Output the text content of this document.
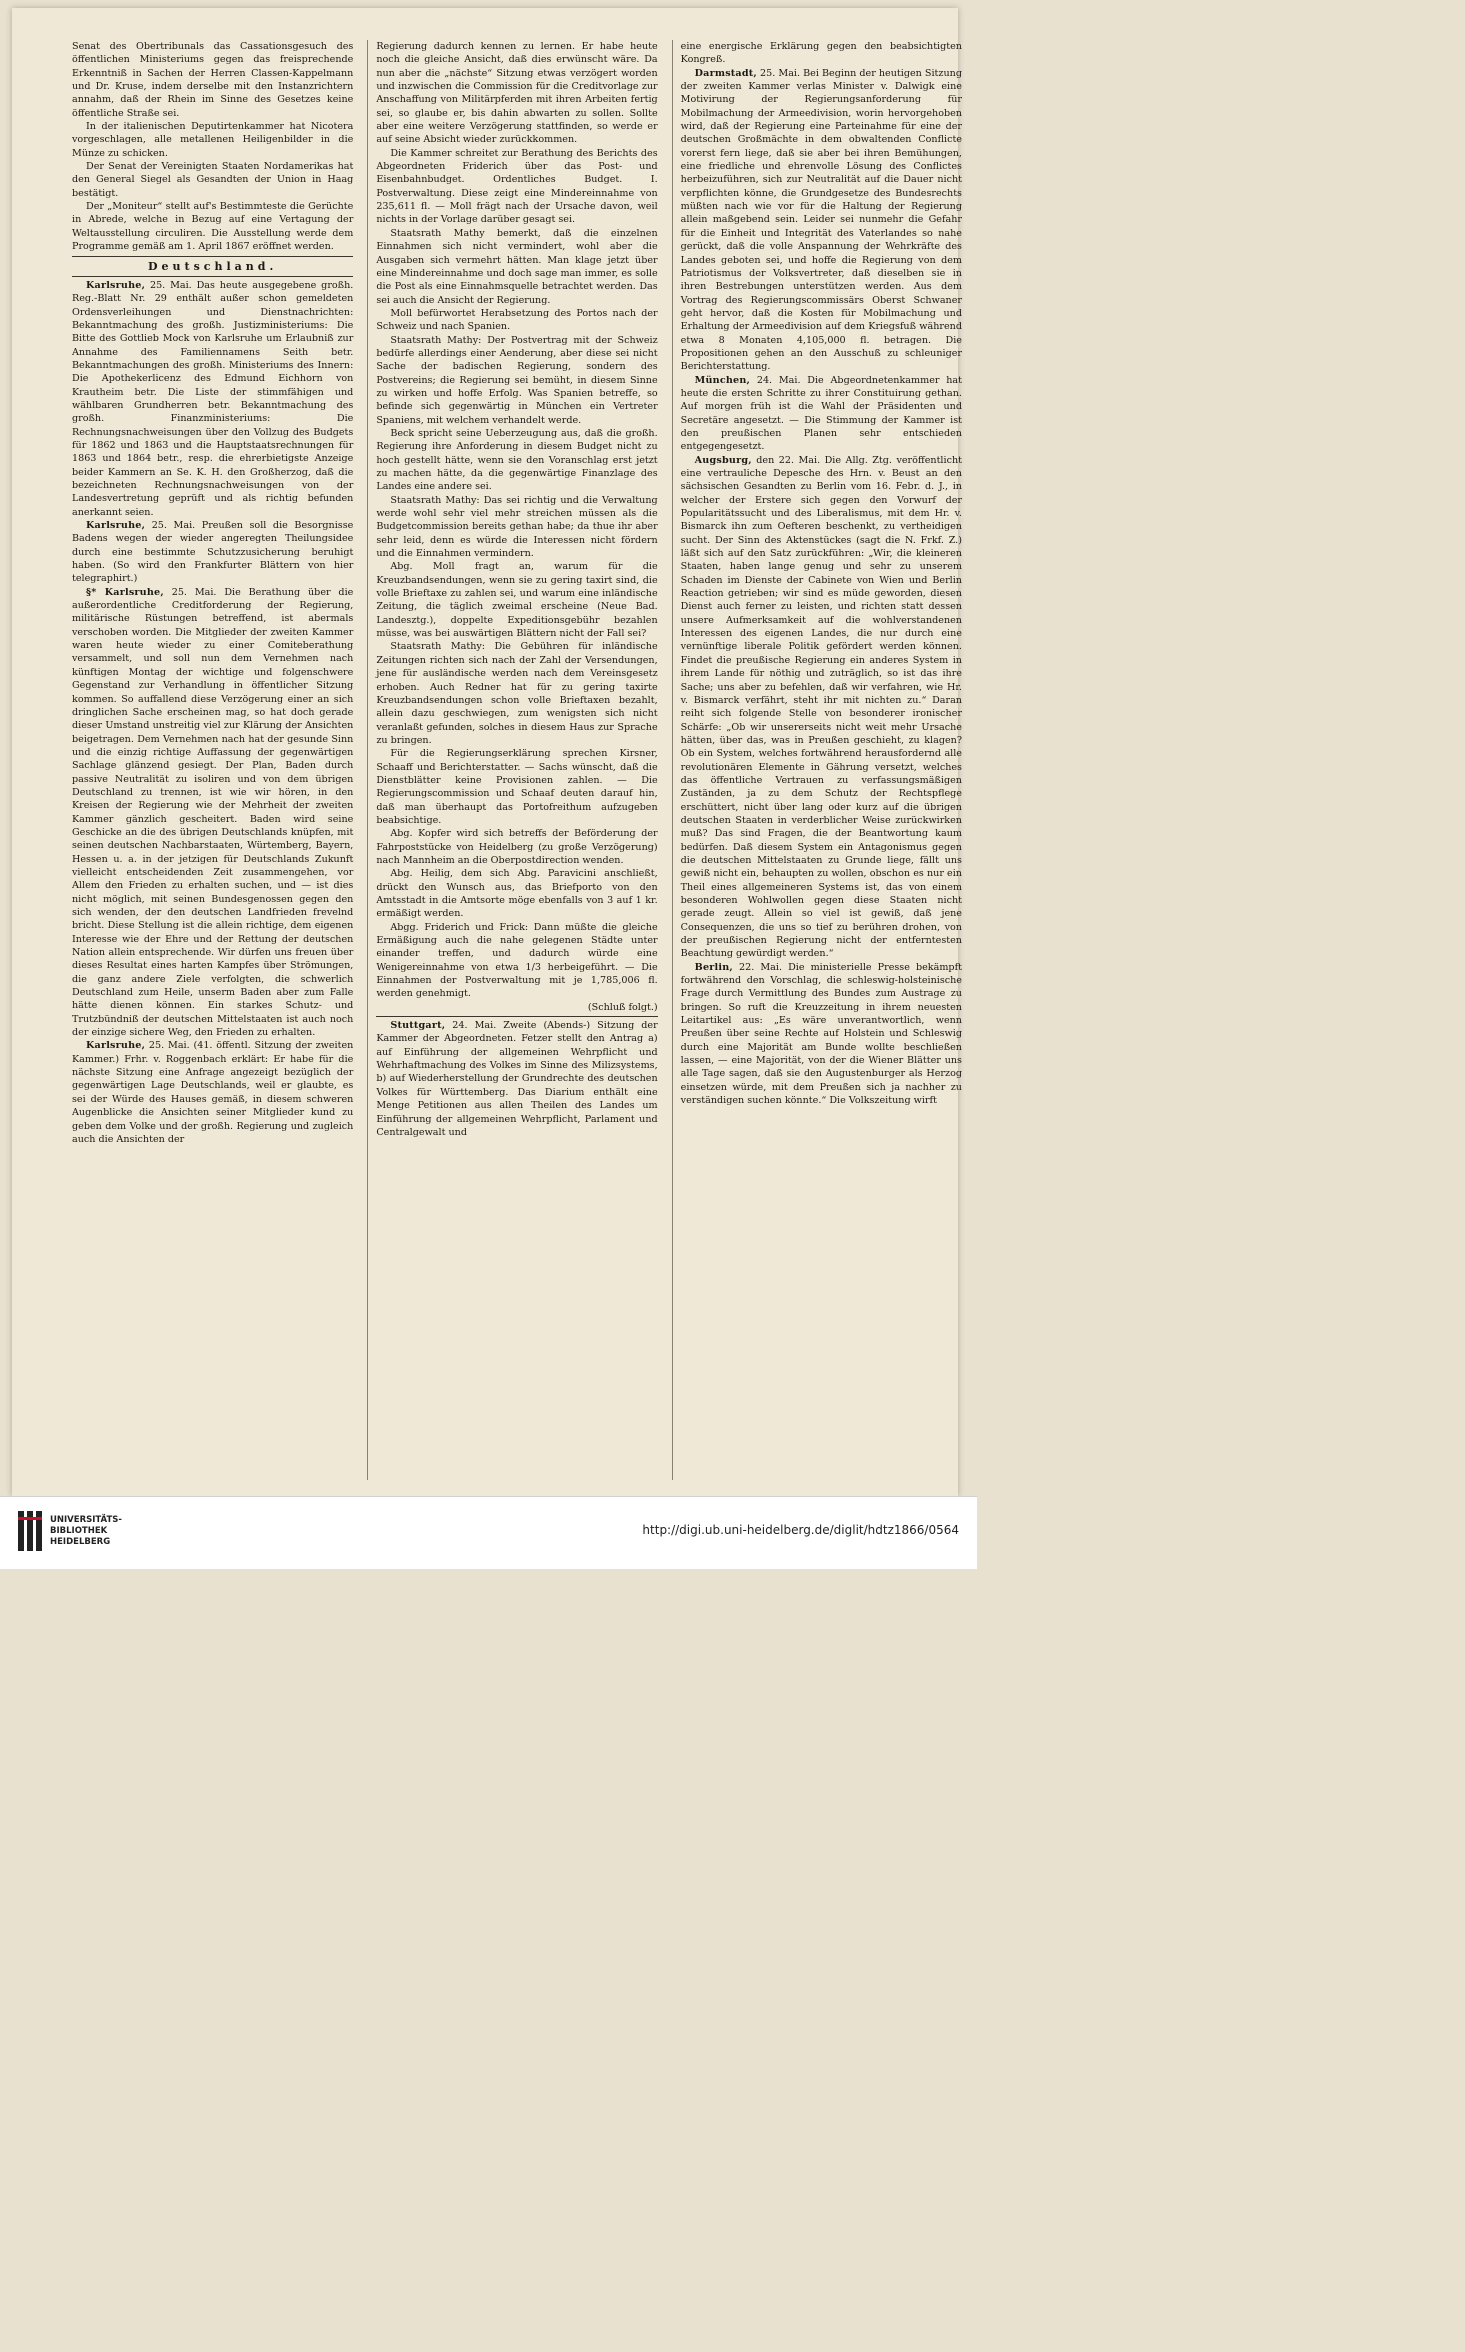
Senat des Obertribunals das Cassationsgesuch des öffentlichen Ministeriums gegen das freisprechende Erkenntniß in Sachen der Herren Classen-Kappelmann und Dr. Kruse, indem derselbe mit den Instanzrichtern annahm, daß der Rhein im Sinne des Gesetzes keine öffentliche Straße sei.

In der italienischen Deputirtenkammer hat Nicotera vorgeschlagen, alle metallenen Heiligenbilder in die Münze zu schicken.

Der Senat der Vereinigten Staaten Nordamerikas hat den General Siegel als Gesandten der Union in Haag bestätigt.

Der „Moniteur“ stellt auf's Bestimmteste die Gerüchte in Abrede, welche in Bezug auf eine Vertagung der Weltausstellung circuliren. Die Ausstellung werde dem Programme gemäß am 1. April 1867 eröffnet werden.

Deutschland.

Karlsruhe, 25. Mai. Das heute ausgegebene großh. Reg.-Blatt Nr. 29 enthält außer schon gemeldeten Ordensverleihungen und Dienstnachrichten: Bekanntmachung des großh. Justizministeriums: Die Bitte des Gottlieb Mock von Karlsruhe um Erlaubniß zur Annahme des Familiennamens Seith betr. Bekanntmachungen des großh. Ministeriums des Innern: Die Apothekerlicenz des Edmund Eichhorn von Krautheim betr. Die Liste der stimmfähigen und wählbaren Grundherren betr. Bekanntmachung des großh. Finanzministeriums: Die Rechnungsnachweisungen über den Vollzug des Budgets für 1862 und 1863 und die Hauptstaatsrechnungen für 1863 und 1864 betr., resp. die ehrerbietigste Anzeige beider Kammern an Se. K. H. den Großherzog, daß die bezeichneten Rechnungsnachweisungen von der Landesvertretung geprüft und als richtig befunden anerkannt seien.

Karlsruhe, 25. Mai. Preußen soll die Besorgnisse Badens wegen der wieder angeregten Theilungsidee durch eine bestimmte Schutzzusicherung beruhigt haben. (So wird den Frankfurter Blättern von hier telegraphirt.)

§* Karlsruhe, 25. Mai. Die Berathung über die außerordentliche Creditforderung der Regierung, militärische Rüstungen betreffend, ist abermals verschoben worden. Die Mitglieder der zweiten Kammer waren heute wieder zu einer Comiteberathung versammelt, und soll nun dem Vernehmen nach künftigen Montag der wichtige und folgenschwere Gegenstand zur Verhandlung in öffentlicher Sitzung kommen. So auffallend diese Verzögerung einer an sich dringlichen Sache erscheinen mag, so hat doch gerade dieser Umstand unstreitig viel zur Klärung der Ansichten beigetragen. Dem Vernehmen nach hat der gesunde Sinn und die einzig richtige Auffassung der gegenwärtigen Sachlage glänzend gesiegt. Der Plan, Baden durch passive Neutralität zu isoliren und von dem übrigen Deutschland zu trennen, ist wie wir hören, in den Kreisen der Regierung wie der Mehrheit der zweiten Kammer gänzlich gescheitert. Baden wird seine Geschicke an die des übrigen Deutschlands knüpfen, mit seinen deutschen Nachbarstaaten, Würtemberg, Bayern, Hessen u. a. in der jetzigen für Deutschlands Zukunft vielleicht entscheidenden Zeit zusammengehen, vor Allem den Frieden zu erhalten suchen, und — ist dies nicht möglich, mit seinen Bundesgenossen gegen den sich wenden, der den deutschen Landfrieden frevelnd bricht. Diese Stellung ist die allein richtige, dem eigenen Interesse wie der Ehre und der Rettung der deutschen Nation allein entsprechende. Wir dürfen uns freuen über dieses Resultat eines harten Kampfes über Strömungen, die ganz andere Ziele verfolgten, die schwerlich Deutschland zum Heile, unserm Baden aber zum Falle hätte dienen können. Ein starkes Schutz- und Trutzbündniß der deutschen Mittelstaaten ist auch noch der einzige sichere Weg, den Frieden zu erhalten.

Karlsruhe, 25. Mai. (41. öffentl. Sitzung der zweiten Kammer.) Frhr. v. Roggenbach erklärt: Er habe für die nächste Sitzung eine Anfrage angezeigt bezüglich der gegenwärtigen Lage Deutschlands, weil er glaubte, es sei der Würde des Hauses gemäß, in diesem schweren Augenblicke die Ansichten seiner Mitglieder kund zu geben dem Volke und der großh. Regierung und zugleich auch die Ansichten der

Regierung dadurch kennen zu lernen. Er habe heute noch die gleiche Ansicht, daß dies erwünscht wäre. Da nun aber die „nächste“ Sitzung etwas verzögert worden und inzwischen die Commission für die Creditvorlage zur Anschaffung von Militärpferden mit ihren Arbeiten fertig sei, so glaube er, bis dahin abwarten zu sollen. Sollte aber eine weitere Verzögerung stattfinden, so werde er auf seine Absicht wieder zurückkommen.

Die Kammer schreitet zur Berathung des Berichts des Abgeordneten Friderich über das Post- und Eisenbahnbudget. Ordentliches Budget. I. Postverwaltung. Diese zeigt eine Mindereinnahme von 235,611 fl. — Moll frägt nach der Ursache davon, weil nichts in der Vorlage darüber gesagt sei.

Staatsrath Mathy bemerkt, daß die einzelnen Einnahmen sich nicht vermindert, wohl aber die Ausgaben sich vermehrt hätten. Man klage jetzt über eine Mindereinnahme und doch sage man immer, es solle die Post als eine Einnahmsquelle betrachtet werden. Das sei auch die Ansicht der Regierung.

Moll befürwortet Herabsetzung des Portos nach der Schweiz und nach Spanien.

Staatsrath Mathy: Der Postvertrag mit der Schweiz bedürfe allerdings einer Aenderung, aber diese sei nicht Sache der badischen Regierung, sondern des Postvereins; die Regierung sei bemüht, in diesem Sinne zu wirken und hoffe Erfolg. Was Spanien betreffe, so befinde sich gegenwärtig in München ein Vertreter Spaniens, mit welchem verhandelt werde.

Beck spricht seine Ueberzeugung aus, daß die großh. Regierung ihre Anforderung in diesem Budget nicht zu hoch gestellt hätte, wenn sie den Voranschlag erst jetzt zu machen hätte, da die gegenwärtige Finanzlage des Landes eine andere sei.

Staatsrath Mathy: Das sei richtig und die Verwaltung werde wohl sehr viel mehr streichen müssen als die Budgetcommission bereits gethan habe; da thue ihr aber sehr leid, denn es würde die Interessen nicht fördern und die Einnahmen vermindern.

Abg. Moll fragt an, warum für die Kreuzbandsendungen, wenn sie zu gering taxirt sind, die volle Brieftaxe zu zahlen sei, und warum eine inländische Zeitung, die täglich zweimal erscheine (Neue Bad. Landesztg.), doppelte Expeditionsgebühr bezahlen müsse, was bei auswärtigen Blättern nicht der Fall sei?

Staatsrath Mathy: Die Gebühren für inländische Zeitungen richten sich nach der Zahl der Versendungen, jene für ausländische werden nach dem Vereinsgesetz erhoben. Auch Redner hat für zu gering taxirte Kreuzbandsendungen schon volle Brieftaxen bezahlt, allein dazu geschwiegen, zum wenigsten sich nicht veranlaßt gefunden, solches in diesem Haus zur Sprache zu bringen.

Für die Regierungserklärung sprechen Kirsner, Schaaff und Berichterstatter. — Sachs wünscht, daß die Dienstblätter keine Provisionen zahlen. — Die Regierungscommission und Schaaf deuten darauf hin, daß man überhaupt das Portofreithum aufzugeben beabsichtige.

Abg. Kopfer wird sich betreffs der Beförderung der Fahrpoststücke von Heidelberg (zu große Verzögerung) nach Mannheim an die Oberpostdirection wenden.

Abg. Heilig, dem sich Abg. Paravicini anschließt, drückt den Wunsch aus, das Briefporto von den Amtsstadt in die Amtsorte möge ebenfalls von 3 auf 1 kr. ermäßigt werden.

Abgg. Friderich und Frick: Dann müßte die gleiche Ermäßigung auch die nahe gelegenen Städte unter einander treffen, und dadurch würde eine Wenigereinnahme von etwa 1/3 herbeigeführt. — Die Einnahmen der Postverwaltung mit je 1,785,006 fl. werden genehmigt.

(Schluß folgt.)

Stuttgart, 24. Mai. Zweite (Abends-) Sitzung der Kammer der Abgeordneten. Fetzer stellt den Antrag a) auf Einführung der allgemeinen Wehrpflicht und Wehrhaftmachung des Volkes im Sinne des Milizsystems, b) auf Wiederherstellung der Grundrechte des deutschen Volkes für Württemberg. Das Diarium enthält eine Menge Petitionen aus allen Theilen des Landes um Einführung der allgemeinen Wehrpflicht, Parlament und Centralgewalt und

eine energische Erklärung gegen den beabsichtigten Kongreß.

Darmstadt, 25. Mai. Bei Beginn der heutigen Sitzung der zweiten Kammer verlas Minister v. Dalwigk eine Motivirung der Regierungsanforderung für Mobilmachung der Armeedivision, worin hervorgehoben wird, daß der Regierung eine Parteinahme für eine der deutschen Großmächte in dem obwaltenden Conflicte vorerst fern liege, daß sie aber bei ihren Bemühungen, eine friedliche und ehrenvolle Lösung des Conflictes herbeizuführen, sich zur Neutralität auf die Dauer nicht verpflichten könne, die Grundgesetze des Bundesrechts müßten nach wie vor für die Haltung der Regierung allein maßgebend sein. Leider sei nunmehr die Gefahr für die Einheit und Integrität des Vaterlandes so nahe gerückt, daß die volle Anspannung der Wehrkräfte des Landes geboten sei, und hoffe die Regierung von dem Patriotismus der Volksvertreter, daß dieselben sie in ihren Bestrebungen unterstützen werden. Aus dem Vortrag des Regierungscommissärs Oberst Schwaner geht hervor, daß die Kosten für Mobilmachung und Erhaltung der Armeedivision auf dem Kriegsfuß während etwa 8 Monaten 4,105,000 fl. betragen. Die Propositionen gehen an den Ausschuß zu schleuniger Berichterstattung.

München, 24. Mai. Die Abgeordnetenkammer hat heute die ersten Schritte zu ihrer Constituirung gethan. Auf morgen früh ist die Wahl der Präsidenten und Secretäre angesetzt. — Die Stimmung der Kammer ist den preußischen Planen sehr entschieden entgegengesetzt.

Augsburg, den 22. Mai. Die Allg. Ztg. veröffentlicht eine vertrauliche Depesche des Hrn. v. Beust an den sächsischen Gesandten zu Berlin vom 16. Febr. d. J., in welcher der Erstere sich gegen den Vorwurf der Popularitätssucht und des Liberalismus, mit dem Hr. v. Bismarck ihn zum Oefteren beschenkt, zu vertheidigen sucht. Der Sinn des Aktenstückes (sagt die N. Frkf. Z.) läßt sich auf den Satz zurückführen: „Wir, die kleineren Staaten, haben lange genug und sehr zu unserem Schaden im Dienste der Cabinete von Wien und Berlin Reaction getrieben; wir sind es müde geworden, diesen Dienst auch ferner zu leisten, und richten statt dessen unsere Aufmerksamkeit auf die wohlverstandenen Interessen des eigenen Landes, die nur durch eine vernünftige liberale Politik gefördert werden können. Findet die preußische Regierung ein anderes System in ihrem Lande für nöthig und zuträglich, so ist das ihre Sache; uns aber zu befehlen, daß wir verfahren, wie Hr. v. Bismarck verfährt, steht ihr mit nichten zu.“ Daran reiht sich folgende Stelle von besonderer ironischer Schärfe: „Ob wir unsererseits nicht weit mehr Ursache hätten, über das, was in Preußen geschieht, zu klagen? Ob ein System, welches fortwährend herausfordernd alle revolutionären Elemente in Gährung versetzt, welches das öffentliche Vertrauen zu verfassungsmäßigen Zuständen, ja zu dem Schutz der Rechtspflege erschüttert, nicht über lang oder kurz auf die übrigen deutschen Staaten in verderblicher Weise zurückwirken muß? Das sind Fragen, die der Beantwortung kaum bedürfen. Daß diesem System ein Antagonismus gegen die deutschen Mittelstaaten zu Grunde liege, fällt uns gewiß nicht ein, behaupten zu wollen, obschon es nur ein Theil eines allgemeineren Systems ist, das von einem besonderen Wohlwollen gegen diese Staaten nicht gerade zeugt. Allein so viel ist gewiß, daß jene Consequenzen, die uns so tief zu berühren drohen, von der preußischen Regierung nicht der entferntesten Beachtung gewürdigt werden.“

Berlin, 22. Mai. Die ministerielle Presse bekämpft fortwährend den Vorschlag, die schleswig-holsteinische Frage durch Vermittlung des Bundes zum Austrage zu bringen. So ruft die Kreuzzeitung in ihrem neuesten Leitartikel aus: „Es wäre unverantwortlich, wenn Preußen über seine Rechte auf Holstein und Schleswig durch eine Majorität am Bunde wollte beschließen lassen, — eine Majorität, von der die Wiener Blätter uns alle Tage sagen, daß sie den Augustenburger als Herzog einsetzen würde, mit dem Preußen sich ja nachher zu verständigen suchen könnte.“ Die Volkszeitung wirft

UNIVERSITÄTS-
BIBLIOTHEK
HEIDELBERG
http://digi.ub.uni-heidelberg.de/diglit/hdtz1866/0564
